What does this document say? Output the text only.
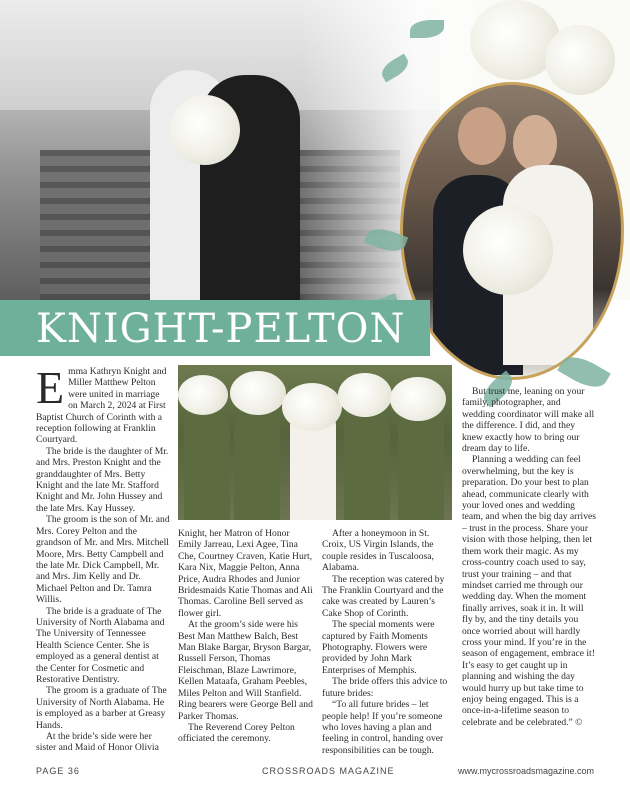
KNIGHT-PELTON

Emma Kathryn Knight and Miller Matthew Pelton were united in marriage on March 2, 2024 at First Baptist Church of Corinth with a reception following at Franklin Courtyard.

The bride is the daughter of Mr. and Mrs. Preston Knight and the granddaughter of Mrs. Betty Knight and the late Mr. Stafford Knight and Mr. John Hussey and the late Mrs. Kay Hussey.

The groom is the son of Mr. and Mrs. Corey Pelton and the grandson of Mr. and Mrs. Mitchell Moore, Mrs. Betty Campbell and the late Mr. Dick Campbell, Mr. and Mrs. Jim Kelly and Dr. Michael Pelton and Dr. Tamra Willis.

The bride is a graduate of The University of North Alabama and The University of Tennessee Health Science Center. She is employed as a general dentist at the Center for Cosmetic and Restorative Dentistry.

The groom is a graduate of The University of North Alabama. He is employed as a barber at Greasy Hands.

At the bride’s side were her sister and Maid of Honor Olivia

Knight, her Matron of Honor Emily Jarreau, Lexi Agee, Tina Che, Courtney Craven, Katie Hurt, Kara Nix, Maggie Pelton, Anna Price, Audra Rhodes and Junior Bridesmaids Katie Thomas and Ali Thomas. Caroline Bell served as flower girl.

At the groom’s side were his Best Man Matthew Balch, Best Man Blake Bargar, Bryson Bargar, Russell Ferson, Thomas Fleischman, Blaze Lawrimore, Kellen Mataafa, Graham Peebles, Miles Pelton and Will Stanfield. Ring bearers were George Bell and Parker Thomas.

The Reverend Corey Pelton officiated the ceremony.

After a honeymoon in St. Croix, US Virgin Islands, the couple resides in Tuscaloosa, Alabama.

The reception was catered by The Franklin Courtyard and the cake was created by Lauren’s Cake Shop of Corinth.

The special moments were captured by Faith Moments Photography. Flowers were provided by John Mark Enterprises of Memphis.

The bride offers this advice to future brides:

“To all future brides – let people help! If you’re someone who loves having a plan and feeling in control, handing over responsibilities can be tough.

But trust me, leaning on your family, photographer, and wedding coordinator will make all the difference. I did, and they knew exactly how to bring our dream day to life.

Planning a wedding can feel overwhelming, but the key is preparation. Do your best to plan ahead, communicate clearly with your loved ones and wedding team, and when the big day arrives – trust in the process. Share your vision with those helping, then let them work their magic. As my cross-country coach used to say, trust your training – and that mindset carried me through our wedding day. When the moment finally arrives, soak it in. It will fly by, and the tiny details you once worried about will hardly cross your mind. If you’re in the season of engagement, embrace it! It’s easy to get caught up in planning and wishing the day would hurry up but take time to enjoy being engaged. This is a once-in-a-lifetime season to celebrate and be celebrated.” ©

PAGE 36	CROSSROADS MAGAZINE	www.mycrossroadsmagazine.com
